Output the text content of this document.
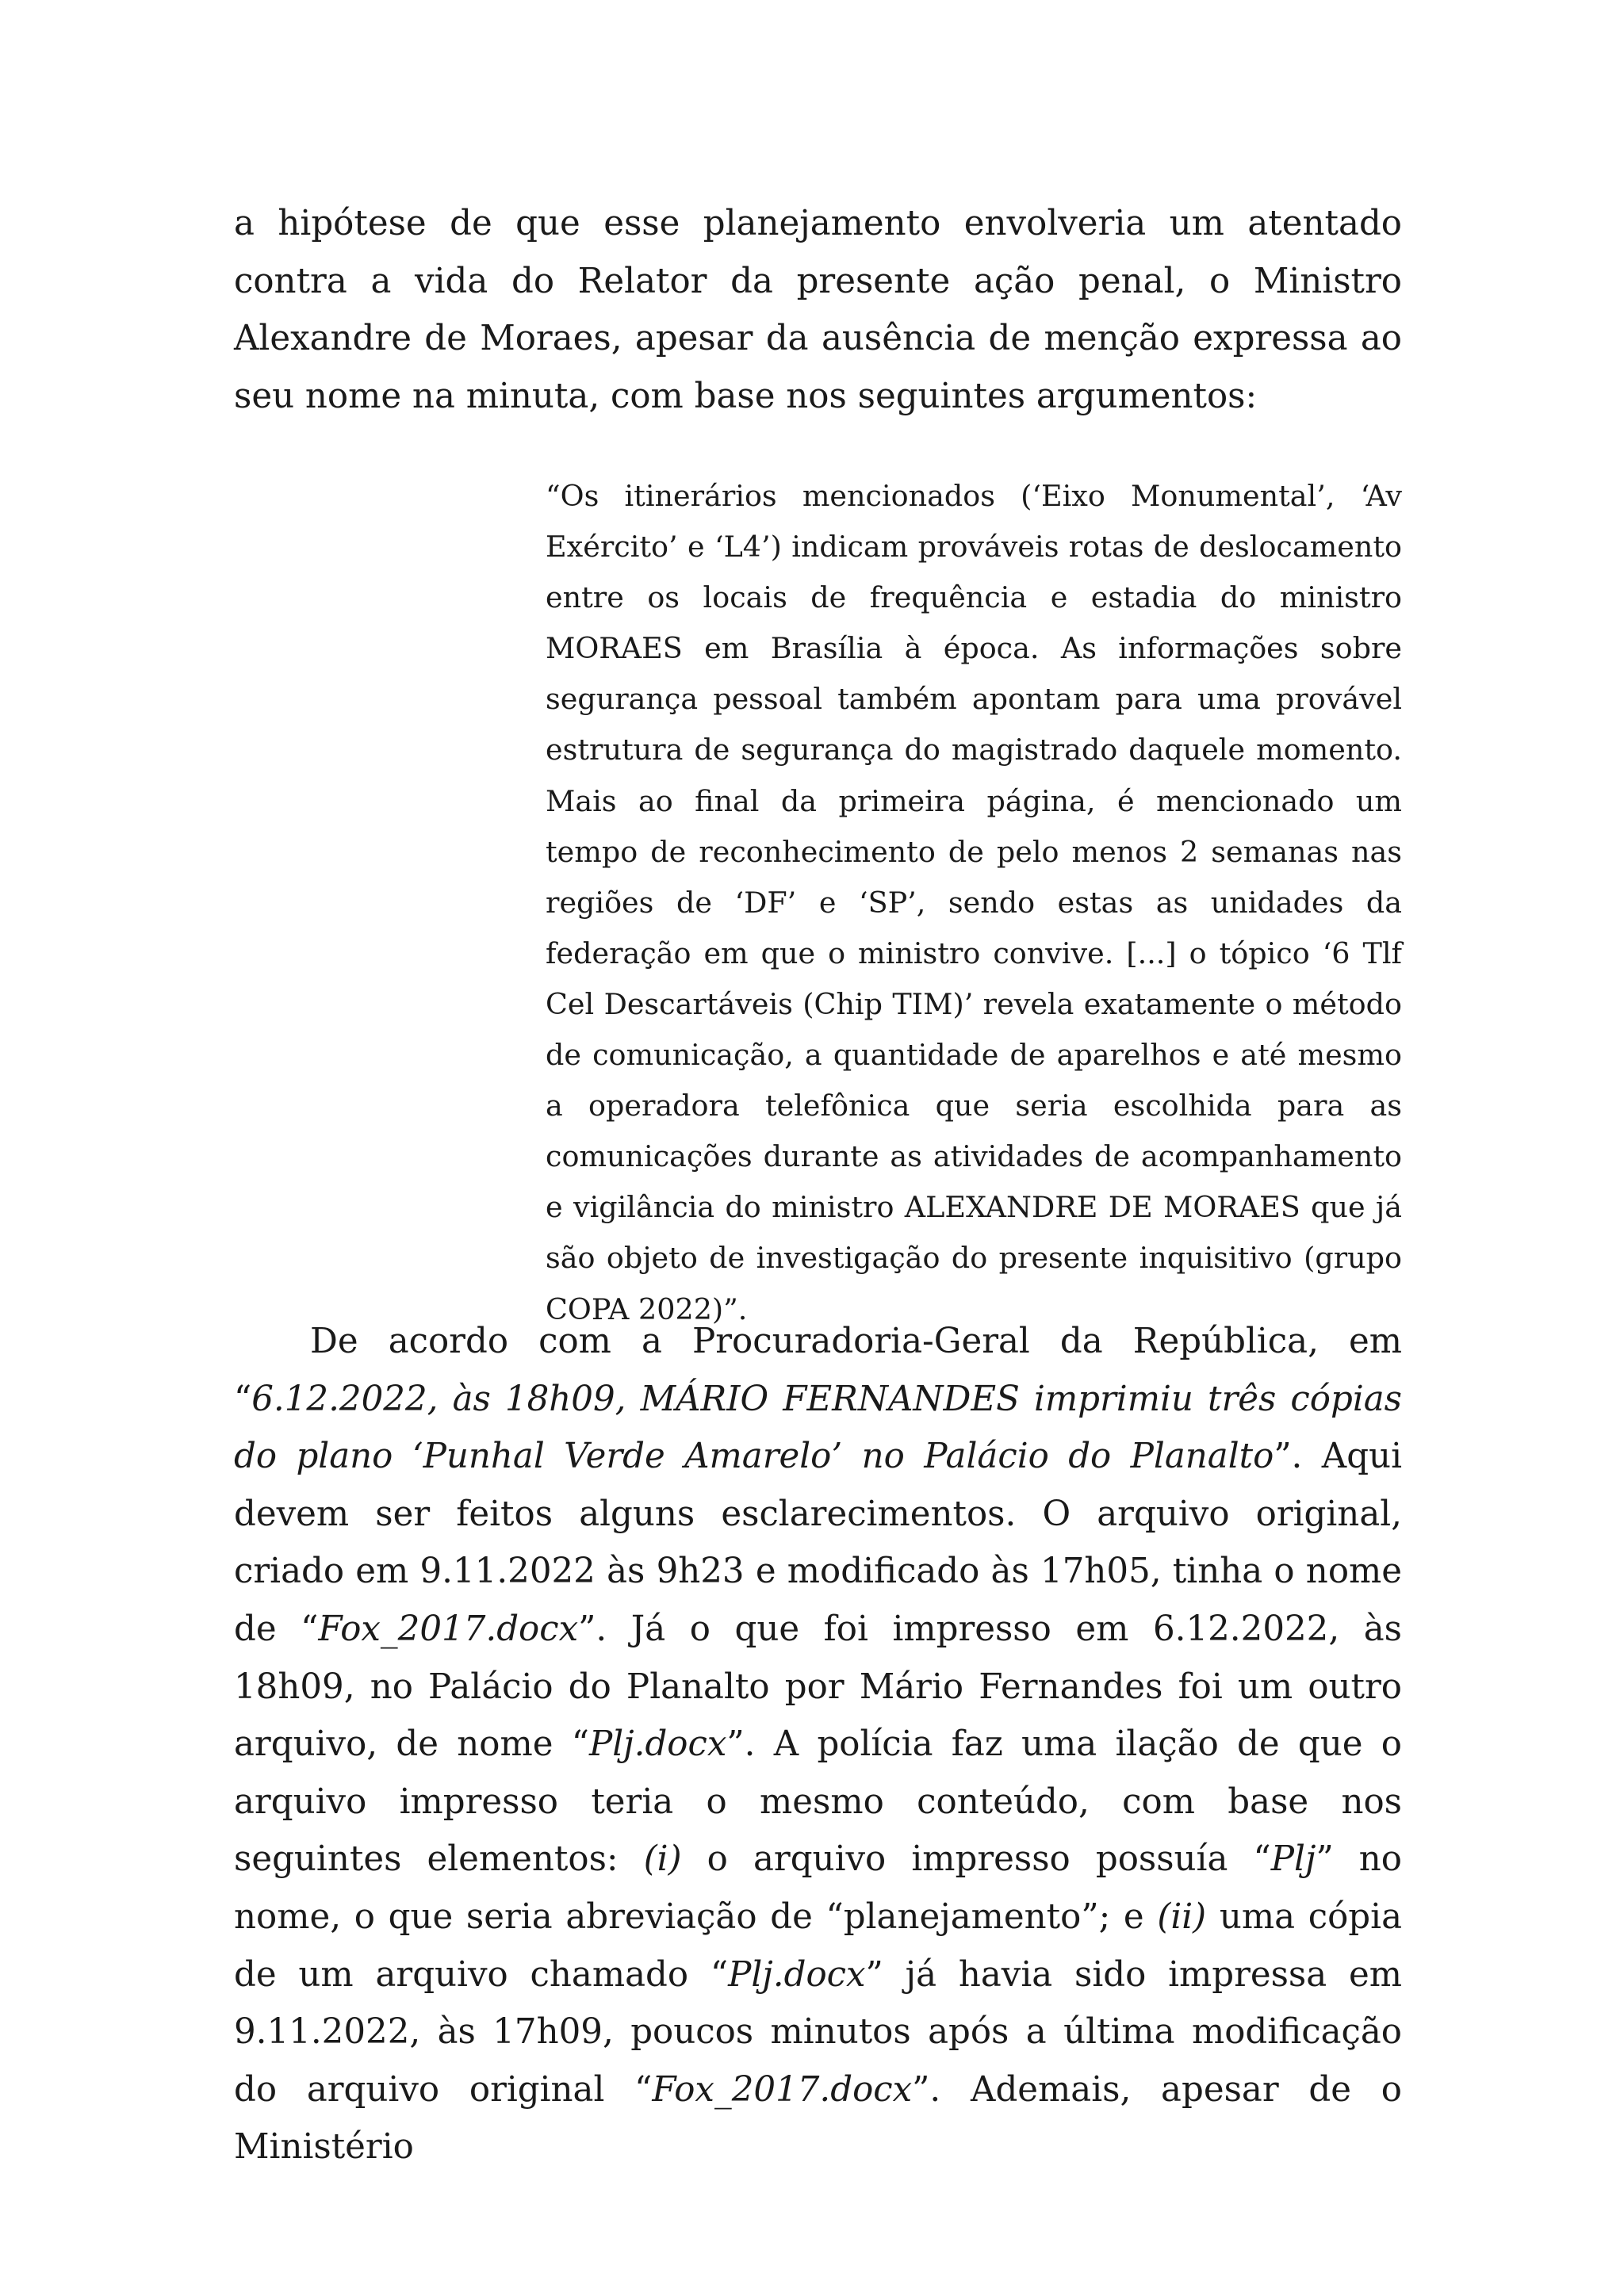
a hipótese de que esse planejamento envolveria um atentado contra a vida do Relator da presente ação penal, o Ministro Alexandre de Moraes, apesar da ausência de menção expressa ao seu nome na minuta, com base nos seguintes argumentos:

“Os itinerários mencionados (‘Eixo Monumental’, ‘Av Exército’ e ‘L4’) indicam prováveis rotas de deslocamento entre os locais de frequência e estadia do ministro MORAES em Brasília à época. As informações sobre segurança pessoal também apontam para uma provável estrutura de segurança do magistrado daquele momento. Mais ao final da primeira página, é mencionado um tempo de reconhecimento de pelo menos 2 semanas nas regiões de ‘DF’ e ‘SP’, sendo estas as unidades da federação em que o ministro convive. [...] o tópico ‘6 Tlf Cel Descartáveis (Chip TIM)’ revela exatamente o método de comunicação, a quantidade de aparelhos e até mesmo a operadora telefônica que seria escolhida para as comunicações durante as atividades de acompanhamento e vigilância do ministro ALEXANDRE DE MORAES que já são objeto de investigação do presente inquisitivo (grupo COPA 2022)”.

De acordo com a Procuradoria-Geral da República, em “6.12.2022, às 18h09, MÁRIO FERNANDES imprimiu três cópias do plano ‘Punhal Verde Amarelo’ no Palácio do Planalto”. Aqui devem ser feitos alguns esclarecimentos. O arquivo original, criado em 9.11.2022 às 9h23 e modificado às 17h05, tinha o nome de “Fox_2017.docx”. Já o que foi impresso em 6.12.2022, às 18h09, no Palácio do Planalto por Mário Fernandes foi um outro arquivo, de nome “Plj.docx”. A polícia faz uma ilação de que o arquivo impresso teria o mesmo conteúdo, com base nos seguintes elementos: (i) o arquivo impresso possuía “Plj” no nome, o que seria abreviação de “planejamento”; e (ii) uma cópia de um arquivo chamado “Plj.docx” já havia sido impressa em 9.11.2022, às 17h09, poucos minutos após a última modificação do arquivo original “Fox_2017.docx”. Ademais, apesar de o Ministério
